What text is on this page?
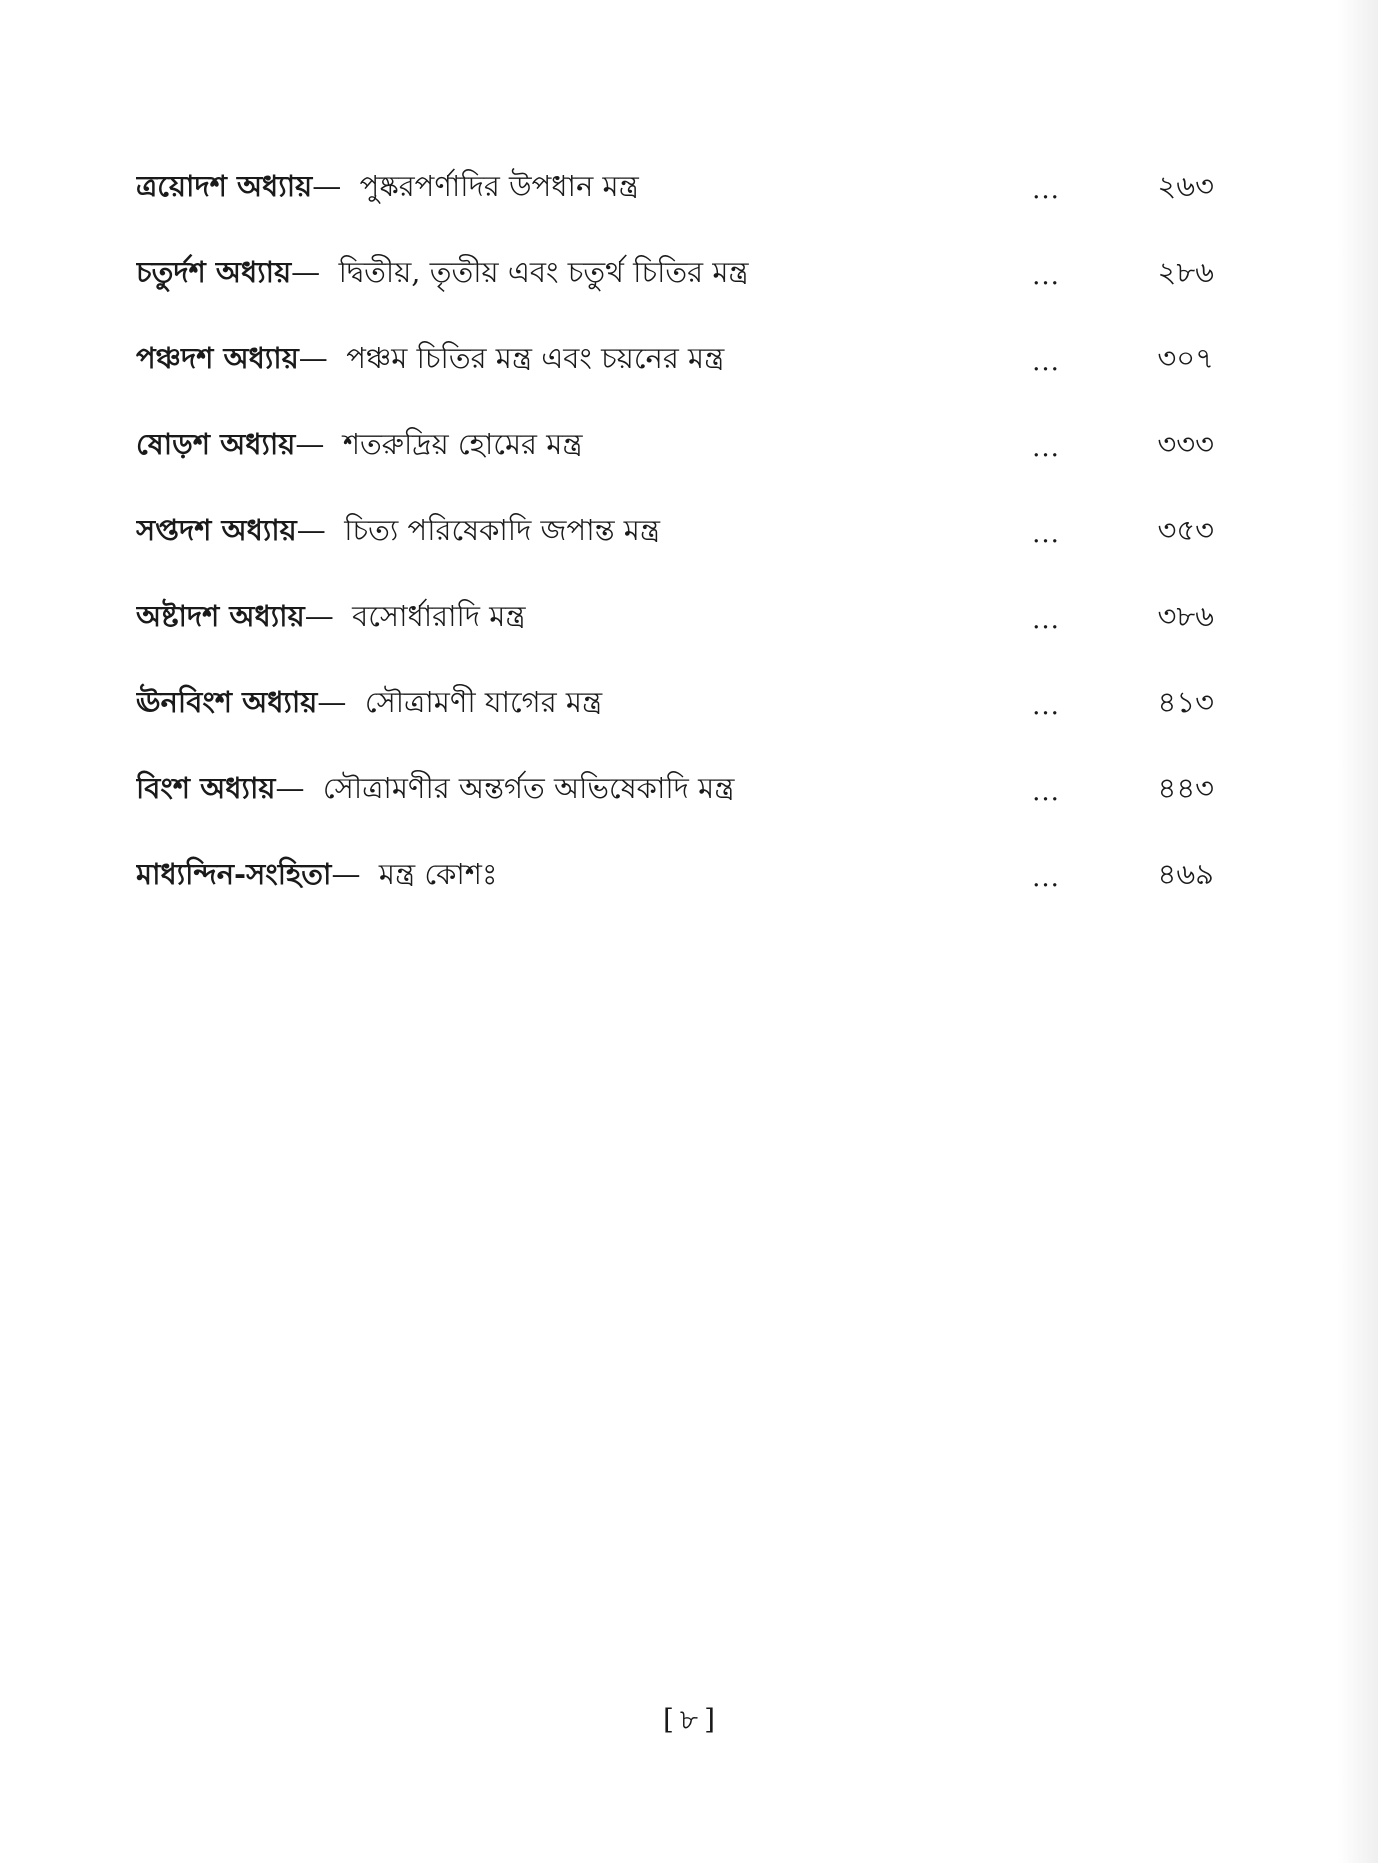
ত্রয়োদশ অধ্যায়— পুষ্করপর্ণাদির উপধান মন্ত্র	...	২৬৩
চতুর্দশ অধ্যায়— দ্বিতীয়, তৃতীয় এবং চতুর্থ চিতির মন্ত্র	...	২৮৬
পঞ্চদশ অধ্যায়— পঞ্চম চিতির মন্ত্র এবং চয়নের মন্ত্র	...	৩০৭
ষোড়শ অধ্যায়— শতরুদ্রিয় হোমের মন্ত্র	...	৩৩৩
সপ্তদশ অধ্যায়— চিত্য পরিষেকাদি জপান্ত মন্ত্র	...	৩৫৩
অষ্টাদশ অধ্যায়— বসোর্ধারাদি মন্ত্র	...	৩৮৬
ঊনবিংশ অধ্যায়— সৌত্রামণী যাগের মন্ত্র	...	৪১৩
বিংশ অধ্যায়— সৌত্রামণীর অন্তর্গত অভিষেকাদি মন্ত্র	...	৪৪৩
মাধ্যন্দিন-সংহিতা— মন্ত্র কোশঃ	...	৪৬৯
[ ৮ ]
